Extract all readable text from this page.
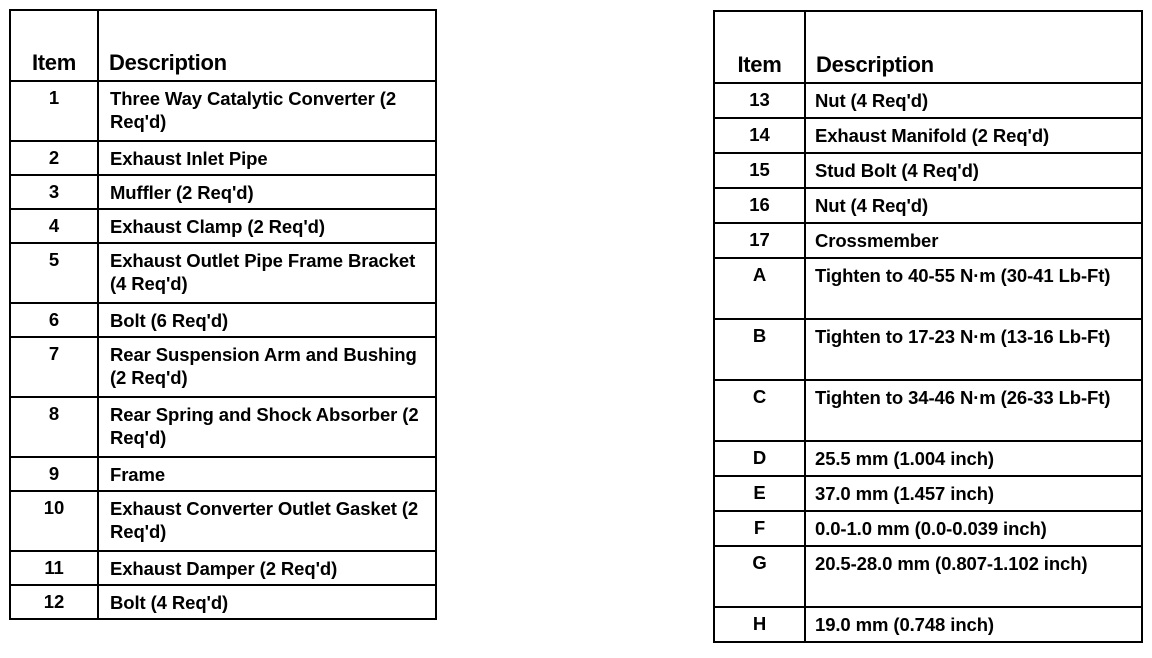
Item	Description
1	Three Way Catalytic Converter (2 Req'd)
2	Exhaust Inlet Pipe
3	Muffler (2 Req'd)
4	Exhaust Clamp (2 Req'd)
5	Exhaust Outlet Pipe Frame Bracket (4 Req'd)
6	Bolt (6 Req'd)
7	Rear Suspension Arm and Bushing (2 Req'd)
8	Rear Spring and Shock Absorber (2 Req'd)
9	Frame
10	Exhaust Converter Outlet Gasket (2 Req'd)
11	Exhaust Damper (2 Req'd)
12	Bolt (4 Req'd)
Item	Description
13	Nut (4 Req'd)
14	Exhaust Manifold (2 Req'd)
15	Stud Bolt (4 Req'd)
16	Nut (4 Req'd)
17	Crossmember
A	Tighten to 40-55 N·m (30-41 Lb-Ft)
B	Tighten to 17-23 N·m (13-16 Lb-Ft)
C	Tighten to 34-46 N·m (26-33 Lb-Ft)
D	25.5 mm (1.004 inch)
E	37.0 mm (1.457 inch)
F	0.0-1.0 mm (0.0-0.039 inch)
G	20.5-28.0 mm (0.807-1.102 inch)
H	19.0 mm (0.748 inch)
